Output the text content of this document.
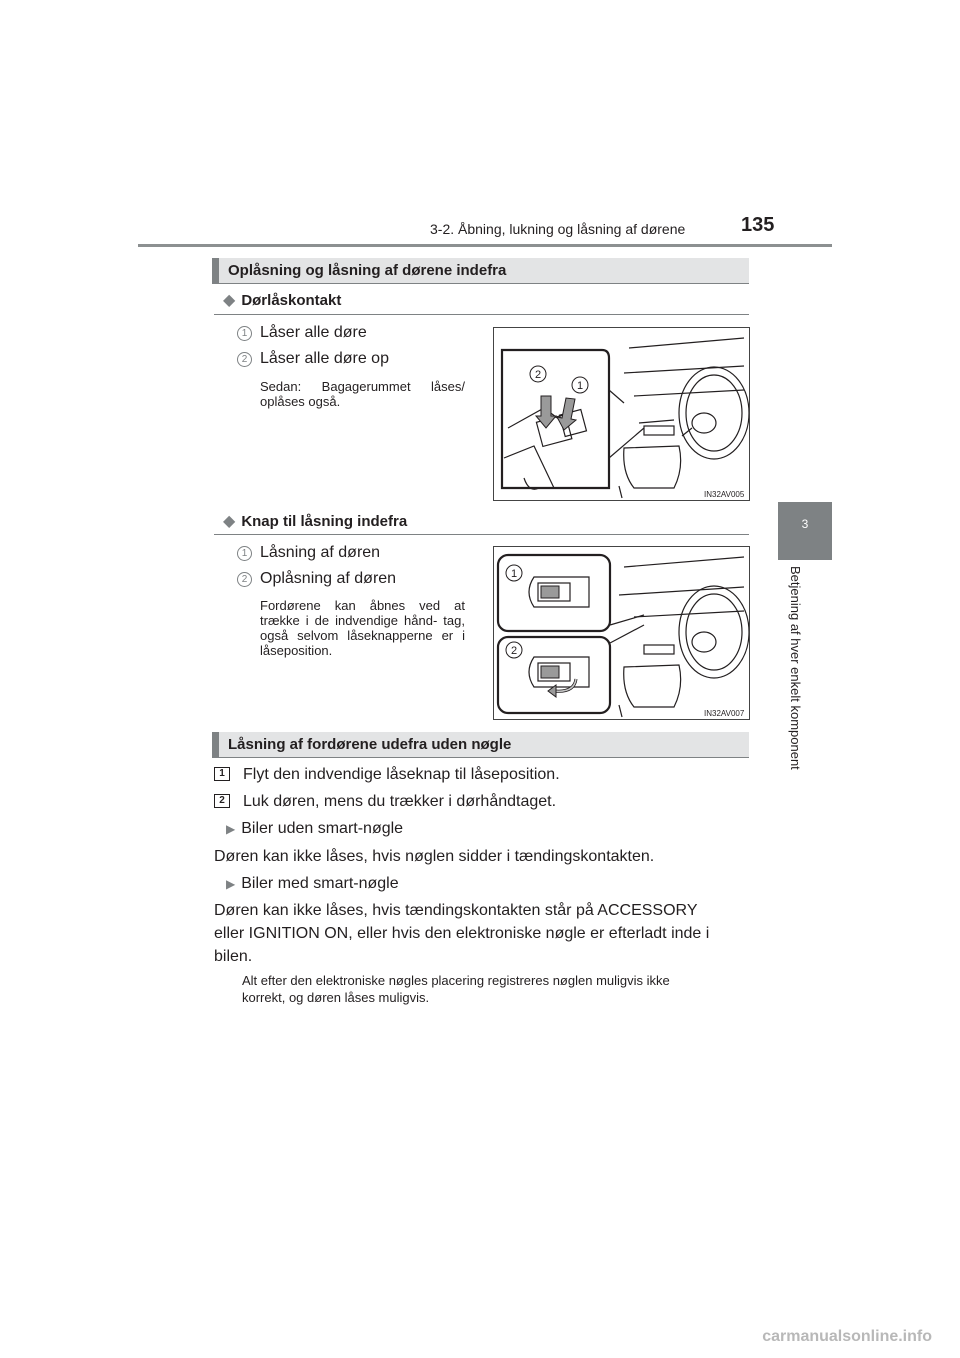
3-2. Åbning, lukning og låsning af dørene	135
3
Betjening af hver enkelt komponent
Oplåsning og låsning af dørene indefra
◆ Dørlåskontakt
1 Låser alle døre
2 Låser alle døre op
Sedan: Bagagerummet låses/ oplåses også.
2
1
IN32AV005
◆ Knap til låsning indefra
1 Låsning af døren
2 Oplåsning af døren
Fordørene kan åbnes ved at trække i de indvendige hånd- tag, også selvom låseknapperne er i låseposition.
1
2
IN32AV007
Låsning af fordørene udefra uden nøgle
1	Flyt den indvendige låseknap til låseposition.
2	Luk døren, mens du trækker i dørhåndtaget.
▶ Biler uden smart-nøgle
Døren kan ikke låses, hvis nøglen sidder i tændingskontakten.
▶ Biler med smart-nøgle
Døren kan ikke låses, hvis tændingskontakten står på ACCESSORY
eller IGNITION ON, eller hvis den elektroniske nøgle er efterladt inde i
bilen.
Alt efter den elektroniske nøgles placering registreres nøglen muligvis ikke
korrekt, og døren låses muligvis.
carmanualsonline.info
